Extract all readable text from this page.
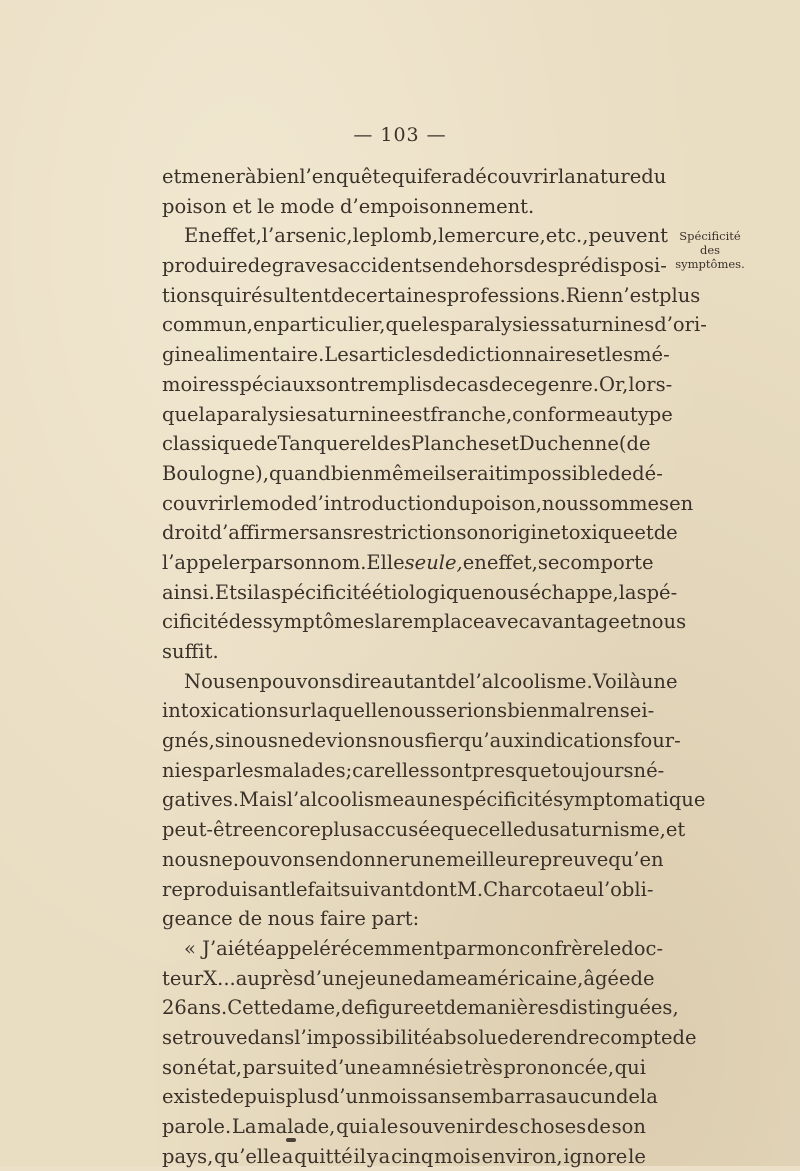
— 103 —
et mener à bien l’enquête qui fera découvrir la nature du
poison et le mode d’empoisonnement.
En effet, l’arsenic, le plomb, le mercure, etc., peuvent
produire de graves accidents en dehors des prédisposi-
tions qui résultent de certaines professions. Rien n’est plus
commun, en particulier, que les paralysies saturnines d’ori-
gine alimentaire. Les articles de dictionnaires et les mé-
moires spéciaux sont remplis de cas de ce genre. Or, lors-
que la paralysie saturnine est franche, conforme au type
classique de Tanquerel des Planches et Duchenne (de
Boulogne), quand bien même il serait impossible de dé-
couvrir le mode d’introduction du poison, nous sommes en
droit d’affirmer sans restriction son origine toxique et de
l’appeler par son nom. Elle seule, en effet, se comporte
ainsi. Et si la spécificité étiologique nous échappe, la spé-
cificité des symptômes la remplace avec avantage et nous
suffit.
Nous en pouvons dire autant de l’alcoolisme. Voilà une
intoxication sur laquelle nous serions bien mal rensei-
gnés, si nous ne devions nous fier qu’aux indications four-
nies par les malades; car elles sont presque toujours né-
gatives. Mais l’alcoolisme a une spécificité symptomatique
peut-être encore plus accusée que celle du saturnisme, et
nous ne pouvons en donner une meilleure preuve qu’en
reproduisant le fait suivant dont M. Charcot a eu l’obli-
geance de nous faire part:
« J’ai été appelé récemment par mon confrère le doc-
teur X... auprès d’une jeune dame américaine, âgée de
26 ans. Cette dame, de figure et de manières distinguées,
se trouve dans l’impossibilité absolue de rendre compte de
son état, par suite d’une amnésie très prononcée, qui
existe depuis plus d’un mois sans embarras aucun de la
parole. La malade, qui a le souvenir des choses de son
pays, qu’elle a quitté il y a cinq mois environ, ignore le
Spécificité
des
symptômes.
